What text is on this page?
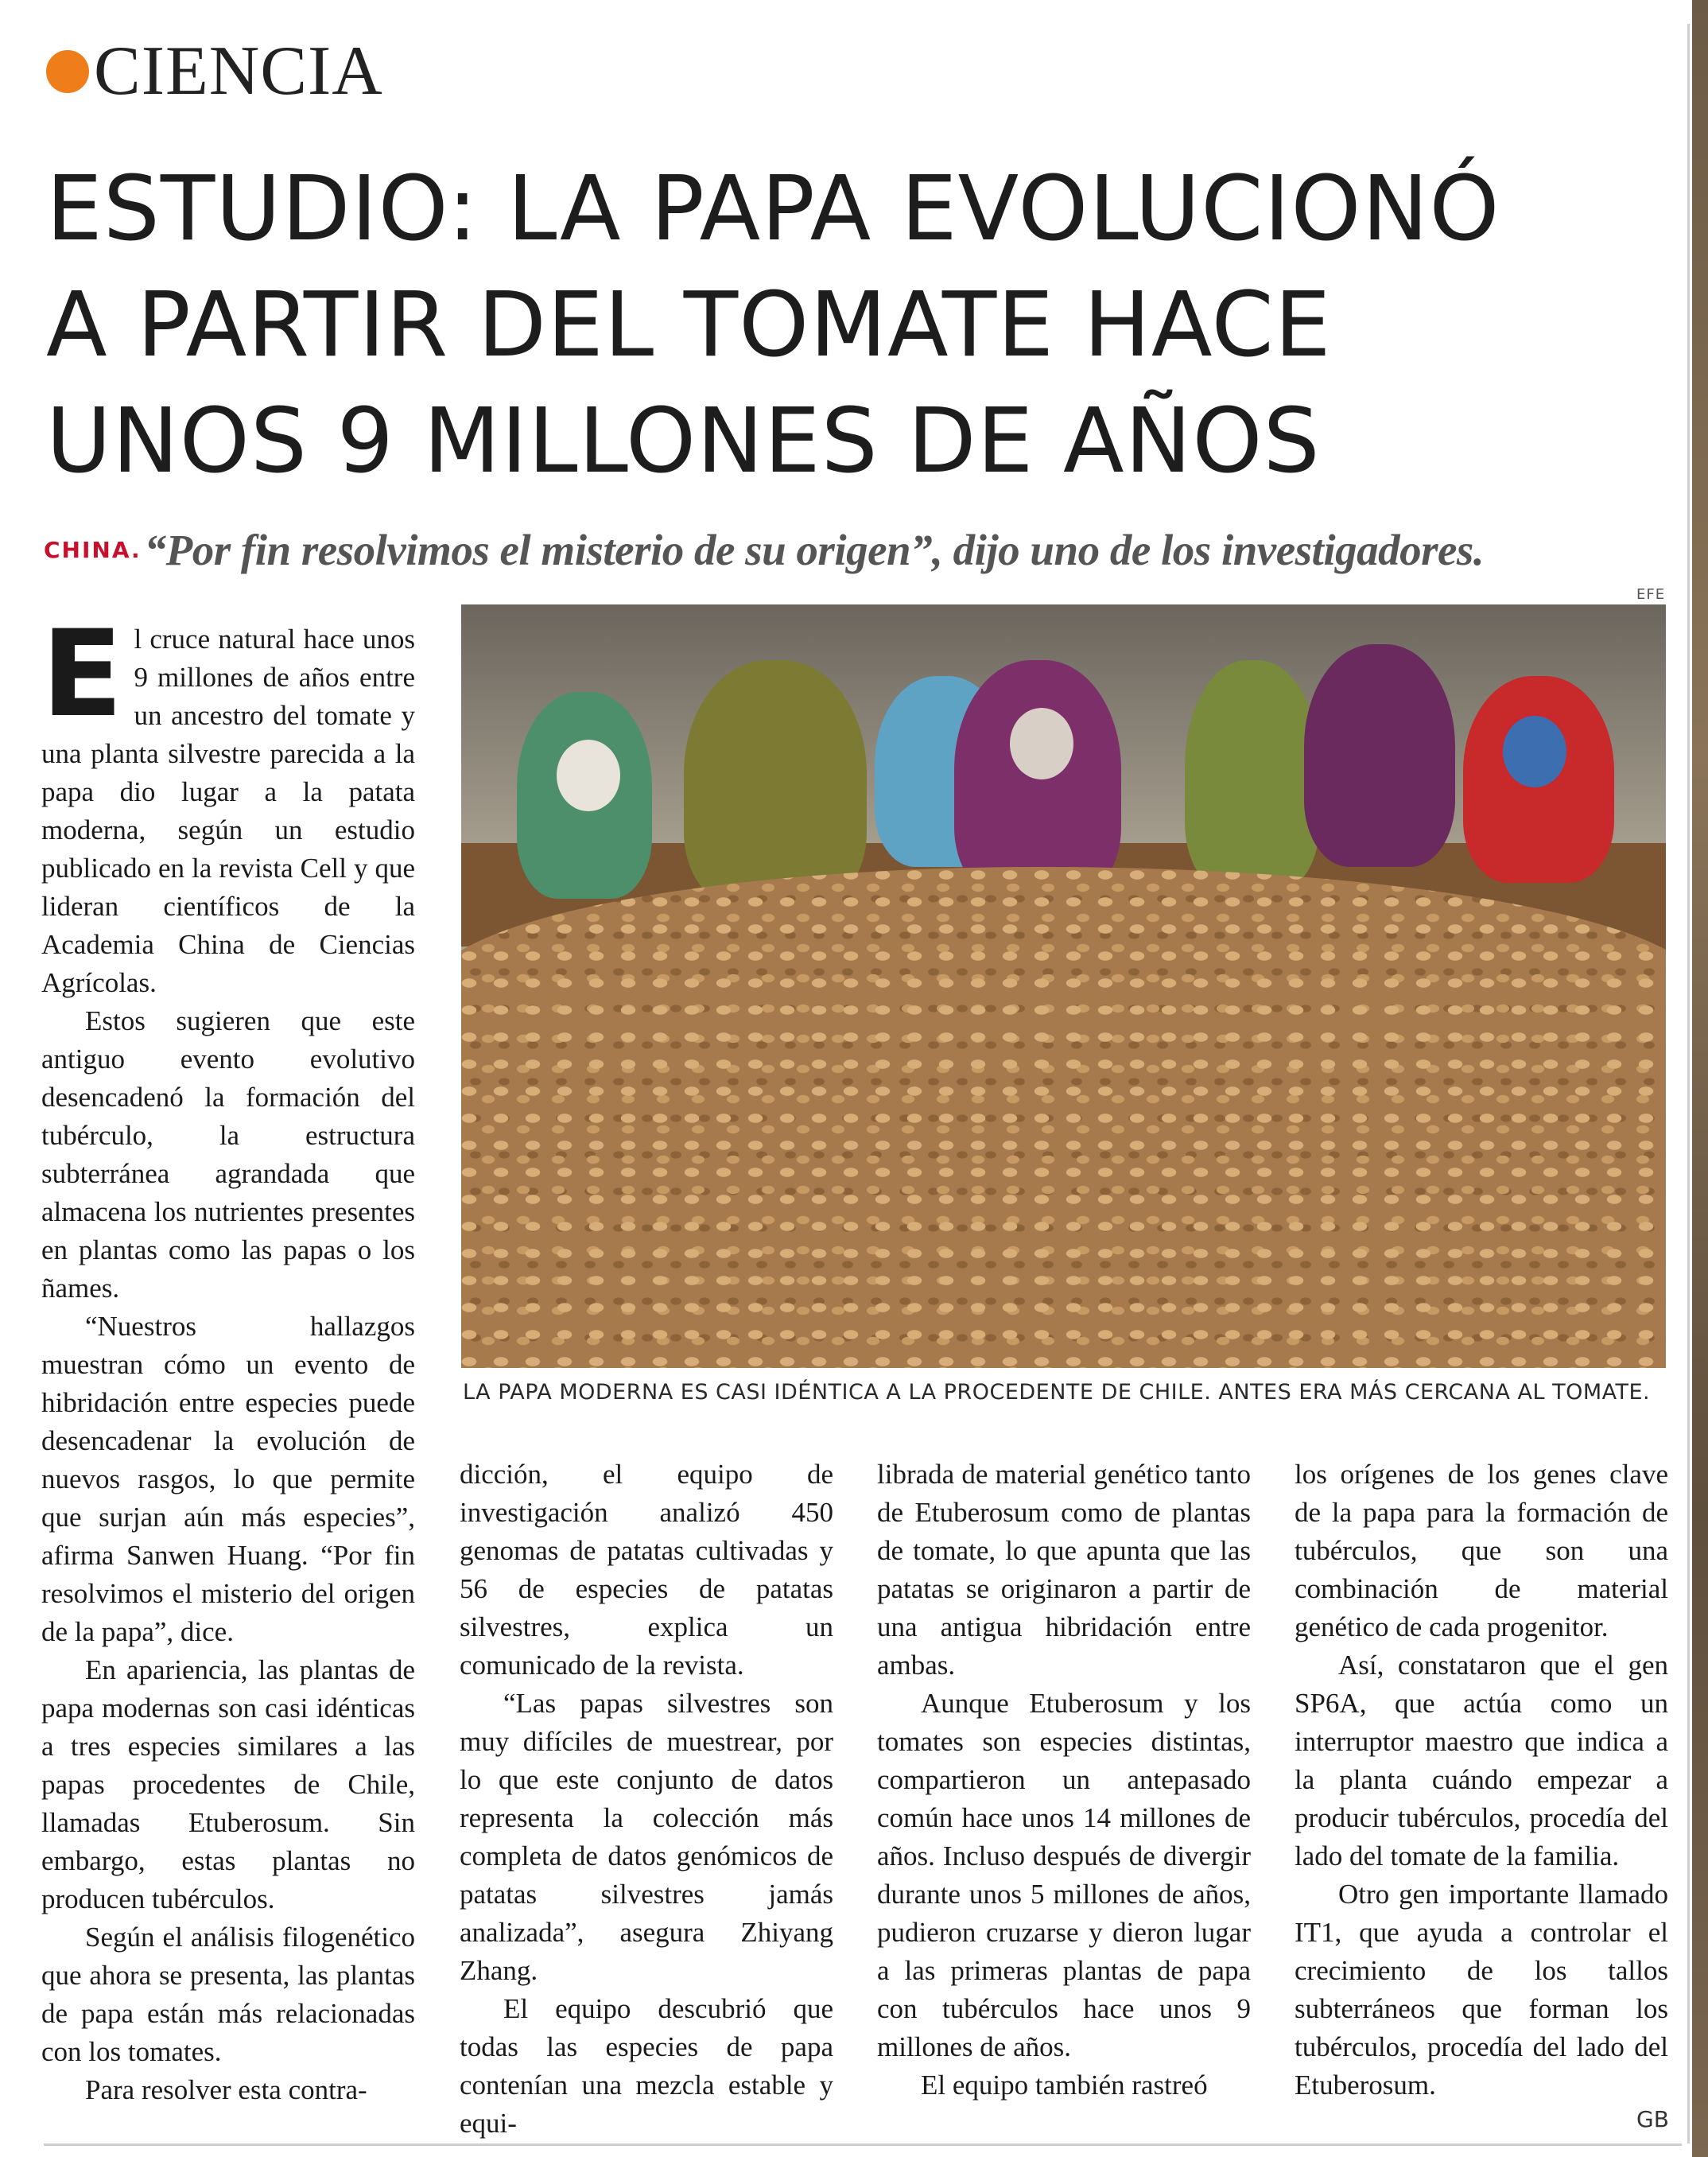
CIENCIA
ESTUDIO: LA PAPA EVOLUCIONÓ
A PARTIR DEL TOMATE HACE
UNOS 9 MILLONES DE AÑOS
CHINA. “Por fin resolvimos el misterio de su origen”, dijo uno de los investigadores.
EFE
LA PAPA MODERNA ES CASI IDÉNTICA A LA PROCEDENTE DE CHILE. ANTES ERA MÁS CERCANA AL TOMATE.

El cruce natural hace unos 9 millones de años entre un ancestro del tomate y una planta silvestre parecida a la papa dio lugar a la patata moderna, según un estudio publicado en la revista Cell y que lideran científicos de la Academia China de Ciencias Agrícolas.

Estos sugieren que este antiguo evento evolutivo desencadenó la formación del tubérculo, la estructura subterránea agrandada que almacena los nutrientes presentes en plantas como las papas o los ñames.

“Nuestros hallazgos muestran cómo un evento de hibridación entre especies puede desencadenar la evolución de nuevos rasgos, lo que permite que surjan aún más especies”, afirma Sanwen Huang. “Por fin resolvimos el misterio del origen de la papa”, dice.

En apariencia, las plantas de papa modernas son casi idénticas a tres especies similares a las papas procedentes de Chile, llamadas Etuberosum. Sin embargo, estas plantas no producen tubérculos.

Según el análisis filogenético que ahora se presenta, las plantas de papa están más relacionadas con los tomates.

Para resolver esta contra-

dicción, el equipo de investigación analizó 450 genomas de patatas cultivadas y 56 de especies de patatas silvestres, explica un comunicado de la revista.

“Las papas silvestres son muy difíciles de muestrear, por lo que este conjunto de datos representa la colección más completa de datos genómicos de patatas silvestres jamás analizada”, asegura Zhiyang Zhang.

El equipo descubrió que todas las especies de papa contenían una mezcla estable y equi-

librada de material genético tanto de Etuberosum como de plantas de tomate, lo que apunta que las patatas se originaron a partir de una antigua hibridación entre ambas.

Aunque Etuberosum y los tomates son especies distintas, compartieron un antepasado común hace unos 14 millones de años. Incluso después de divergir durante unos 5 millones de años, pudieron cruzarse y dieron lugar a las primeras plantas de papa con tubérculos hace unos 9 millones de años.

El equipo también rastreó

los orígenes de los genes clave de la papa para la formación de tubérculos, que son una combinación de material genético de cada progenitor.

Así, constataron que el gen SP6A, que actúa como un interruptor maestro que indica a la planta cuándo empezar a producir tubérculos, procedía del lado del tomate de la familia.

Otro gen importante llamado IT1, que ayuda a controlar el crecimiento de los tallos subterráneos que forman los tubérculos, procedía del lado del Etuberosum.

GB
